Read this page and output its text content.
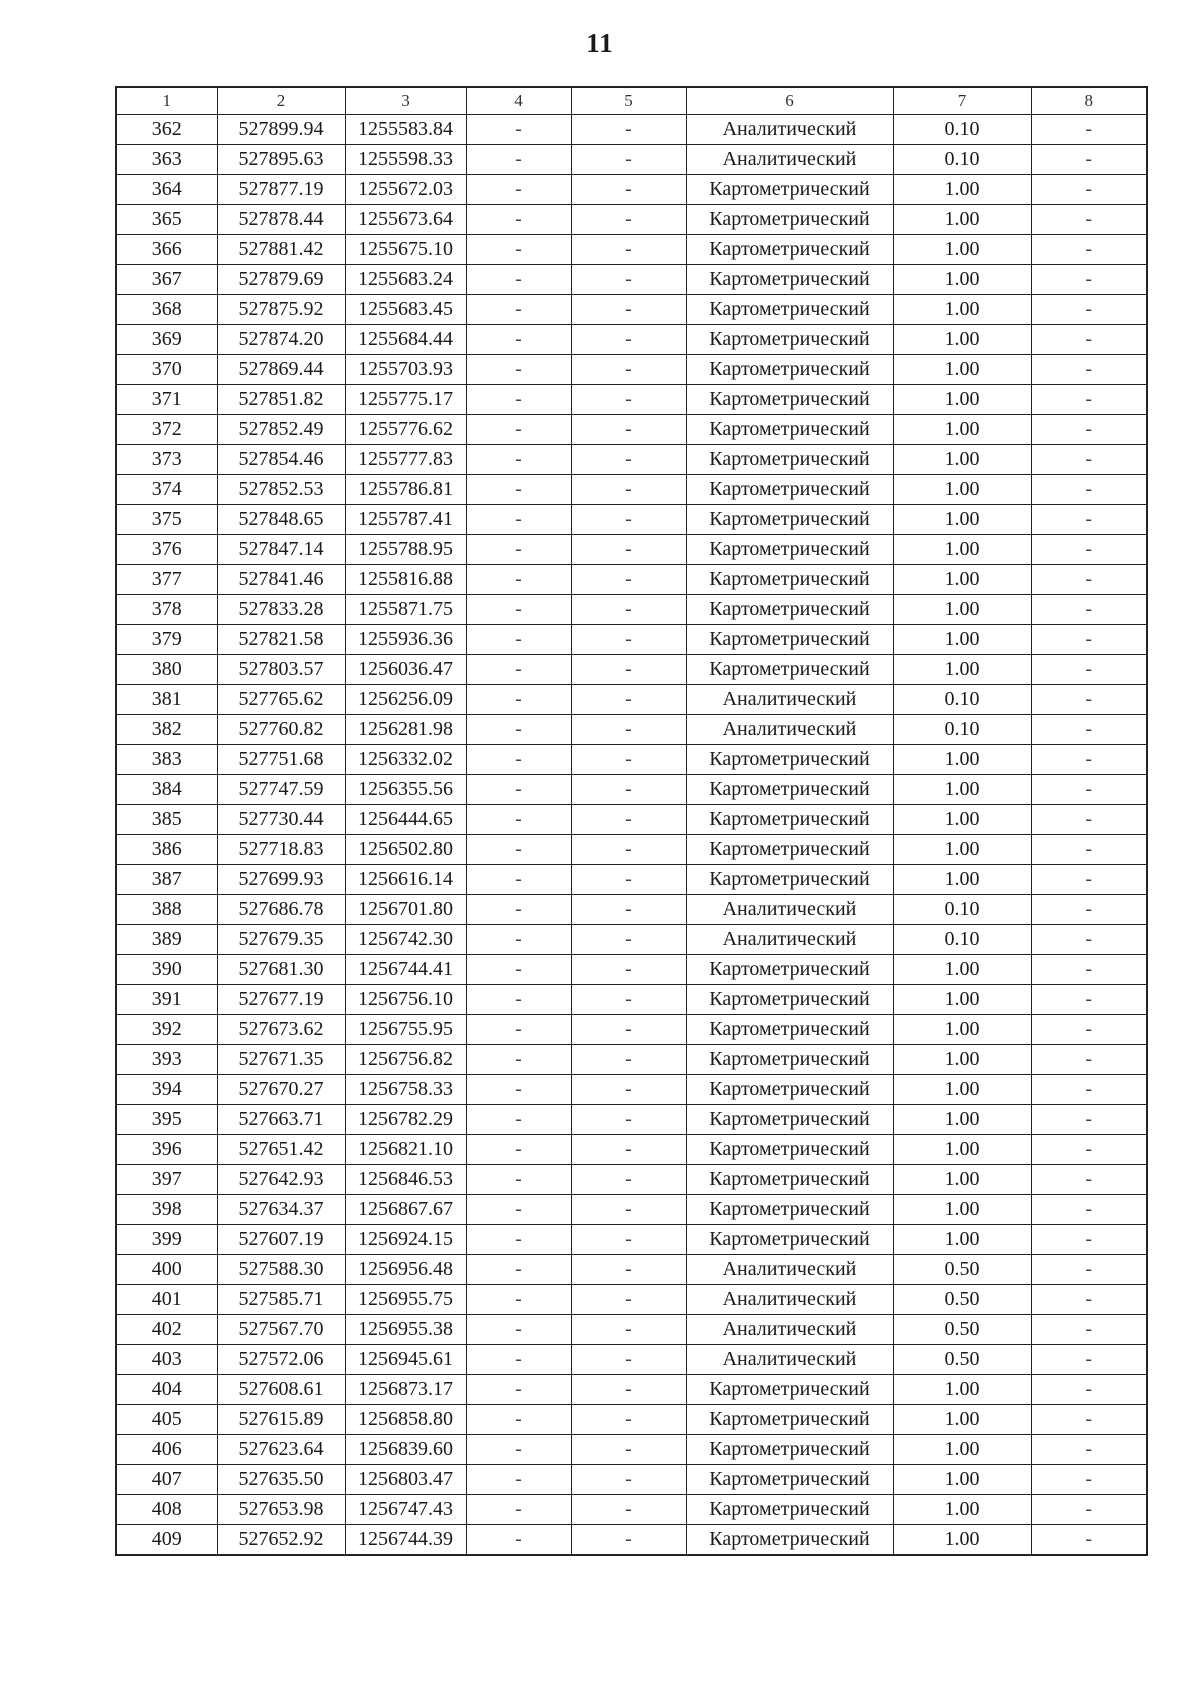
11
1	2	3	4	5	6	7	8
362	527899.94	1255583.84	-	-	Аналитический	0.10	-
363	527895.63	1255598.33	-	-	Аналитический	0.10	-
364	527877.19	1255672.03	-	-	Картометрический	1.00	-
365	527878.44	1255673.64	-	-	Картометрический	1.00	-
366	527881.42	1255675.10	-	-	Картометрический	1.00	-
367	527879.69	1255683.24	-	-	Картометрический	1.00	-
368	527875.92	1255683.45	-	-	Картометрический	1.00	-
369	527874.20	1255684.44	-	-	Картометрический	1.00	-
370	527869.44	1255703.93	-	-	Картометрический	1.00	-
371	527851.82	1255775.17	-	-	Картометрический	1.00	-
372	527852.49	1255776.62	-	-	Картометрический	1.00	-
373	527854.46	1255777.83	-	-	Картометрический	1.00	-
374	527852.53	1255786.81	-	-	Картометрический	1.00	-
375	527848.65	1255787.41	-	-	Картометрический	1.00	-
376	527847.14	1255788.95	-	-	Картометрический	1.00	-
377	527841.46	1255816.88	-	-	Картометрический	1.00	-
378	527833.28	1255871.75	-	-	Картометрический	1.00	-
379	527821.58	1255936.36	-	-	Картометрический	1.00	-
380	527803.57	1256036.47	-	-	Картометрический	1.00	-
381	527765.62	1256256.09	-	-	Аналитический	0.10	-
382	527760.82	1256281.98	-	-	Аналитический	0.10	-
383	527751.68	1256332.02	-	-	Картометрический	1.00	-
384	527747.59	1256355.56	-	-	Картометрический	1.00	-
385	527730.44	1256444.65	-	-	Картометрический	1.00	-
386	527718.83	1256502.80	-	-	Картометрический	1.00	-
387	527699.93	1256616.14	-	-	Картометрический	1.00	-
388	527686.78	1256701.80	-	-	Аналитический	0.10	-
389	527679.35	1256742.30	-	-	Аналитический	0.10	-
390	527681.30	1256744.41	-	-	Картометрический	1.00	-
391	527677.19	1256756.10	-	-	Картометрический	1.00	-
392	527673.62	1256755.95	-	-	Картометрический	1.00	-
393	527671.35	1256756.82	-	-	Картометрический	1.00	-
394	527670.27	1256758.33	-	-	Картометрический	1.00	-
395	527663.71	1256782.29	-	-	Картометрический	1.00	-
396	527651.42	1256821.10	-	-	Картометрический	1.00	-
397	527642.93	1256846.53	-	-	Картометрический	1.00	-
398	527634.37	1256867.67	-	-	Картометрический	1.00	-
399	527607.19	1256924.15	-	-	Картометрический	1.00	-
400	527588.30	1256956.48	-	-	Аналитический	0.50	-
401	527585.71	1256955.75	-	-	Аналитический	0.50	-
402	527567.70	1256955.38	-	-	Аналитический	0.50	-
403	527572.06	1256945.61	-	-	Аналитический	0.50	-
404	527608.61	1256873.17	-	-	Картометрический	1.00	-
405	527615.89	1256858.80	-	-	Картометрический	1.00	-
406	527623.64	1256839.60	-	-	Картометрический	1.00	-
407	527635.50	1256803.47	-	-	Картометрический	1.00	-
408	527653.98	1256747.43	-	-	Картометрический	1.00	-
409	527652.92	1256744.39	-	-	Картометрический	1.00	-
